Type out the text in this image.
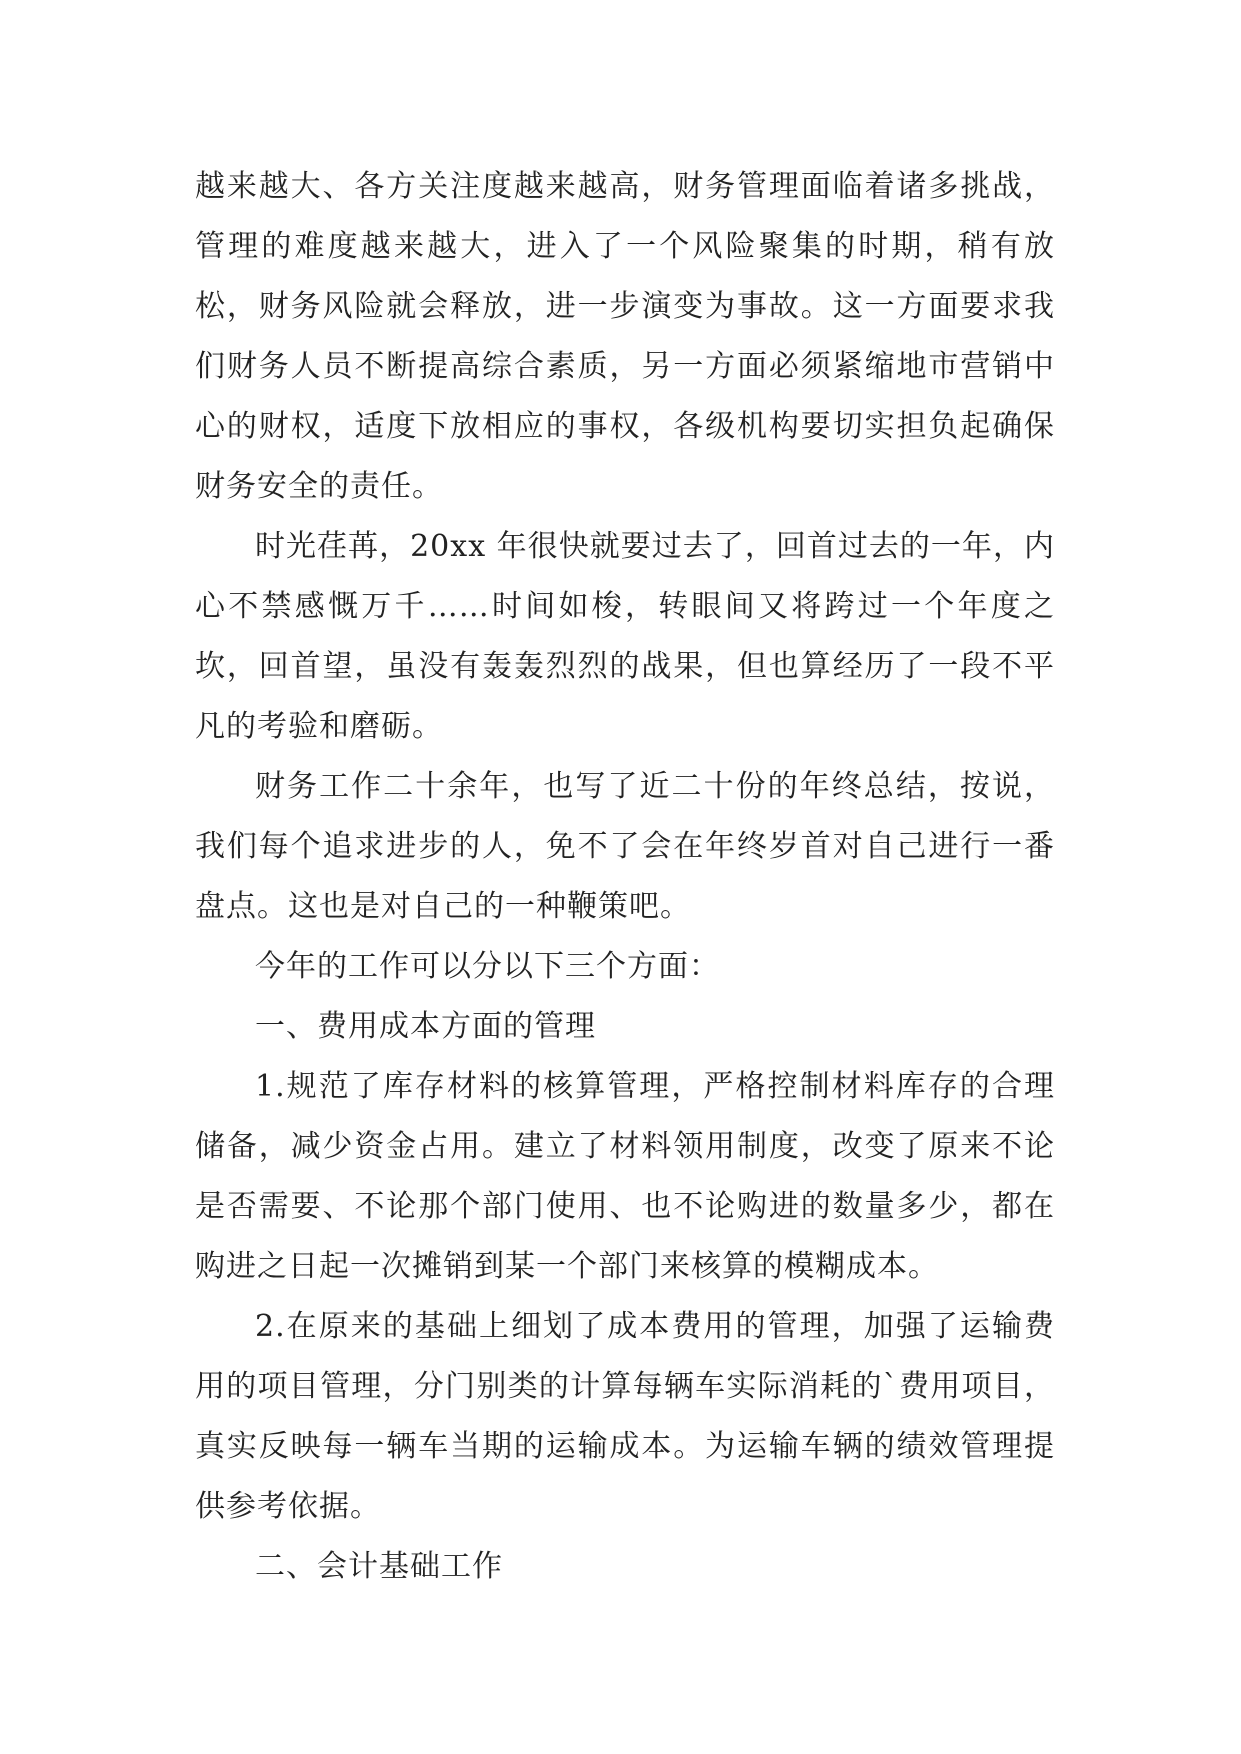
越来越大、各方关注度越来越高，财务管理面临着诸多挑战，管理的难度越来越大，进入了一个风险聚集的时期，稍有放松，财务风险就会释放，进一步演变为事故。这一方面要求我们财务人员不断提高综合素质，另一方面必须紧缩地市营销中心的财权，适度下放相应的事权，各级机构要切实担负起确保财务安全的责任。

时光荏苒，20xx 年很快就要过去了，回首过去的一年，内心不禁感慨万千……时间如梭，转眼间又将跨过一个年度之坎，回首望，虽没有轰轰烈烈的战果，但也算经历了一段不平凡的考验和磨砺。

财务工作二十余年，也写了近二十份的年终总结，按说，我们每个追求进步的人，免不了会在年终岁首对自己进行一番盘点。这也是对自己的一种鞭策吧。

今年的工作可以分以下三个方面：

一、费用成本方面的管理

1.规范了库存材料的核算管理，严格控制材料库存的合理储备，减少资金占用。建立了材料领用制度，改变了原来不论是否需要、不论那个部门使用、也不论购进的数量多少，都在购进之日起一次摊销到某一个部门来核算的模糊成本。

2.在原来的基础上细划了成本费用的管理，加强了运输费用的项目管理，分门别类的计算每辆车实际消耗的`费用项目，真实反映每一辆车当期的运输成本。为运输车辆的绩效管理提供参考依据。

二、会计基础工作
